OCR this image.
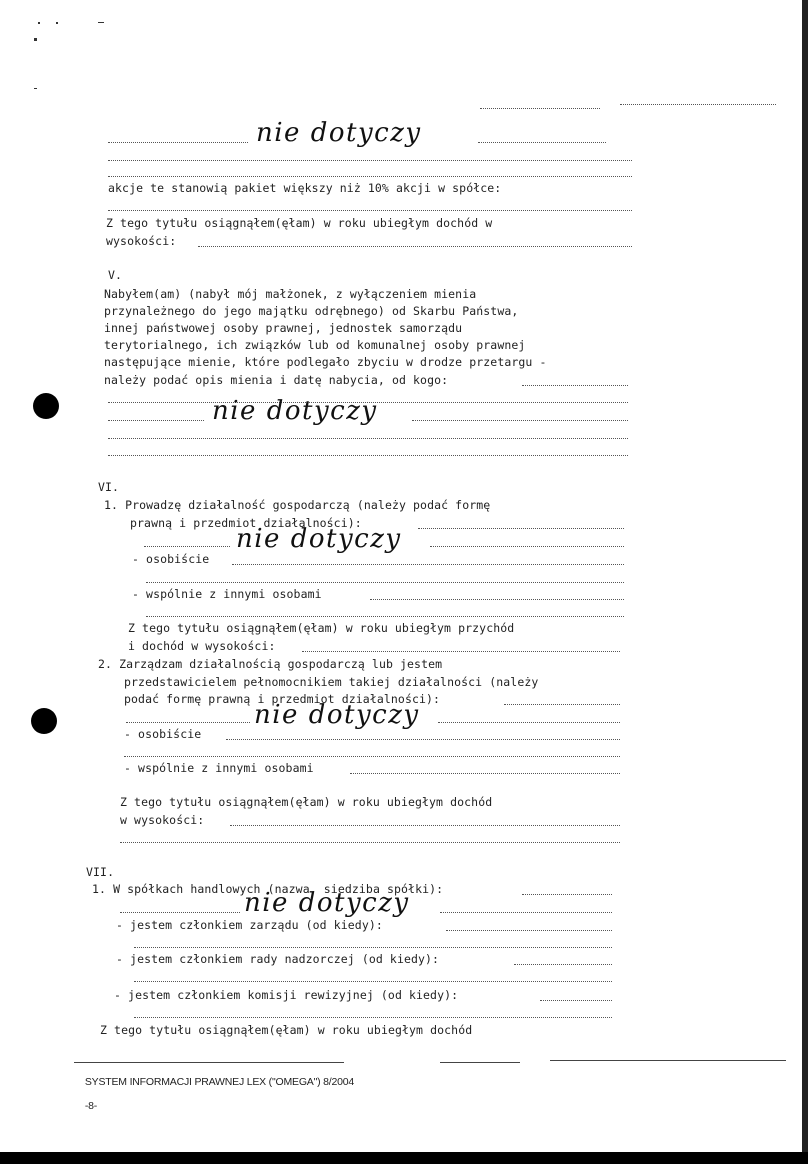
nie dotyczy
akcje te stanowią pakiet większy niż 10% akcji w spółce:
Z tego tytułu osiągnąłem(ęłam) w roku ubiegłym dochód w
wysokości:
V.
Nabyłem(am) (nabył mój małżonek, z wyłączeniem mienia
przynależnego do jego majątku odrębnego) od Skarbu Państwa,
innej państwowej osoby prawnej, jednostek samorządu
terytorialnego, ich związków lub od komunalnej osoby prawnej
następujące mienie, które podlegało zbyciu w drodze przetargu -
należy podać opis mienia i datę nabycia, od kogo:
nie dotyczy
VI.
1. Prowadzę działalność gospodarczą (należy podać formę
prawną i przedmiot działalności):
nie dotyczy
- osobiście
- wspólnie z innymi osobami
Z tego tytułu osiągnąłem(ęłam) w roku ubiegłym przychód
i dochód w wysokości:
2. Zarządzam działalnością gospodarczą lub jestem
przedstawicielem pełnomocnikiem takiej działalności (należy
podać formę prawną i przedmiot działalności):
nie dotyczy
- osobiście
- wspólnie z innymi osobami
Z tego tytułu osiągnąłem(ęłam) w roku ubiegłym dochód
w wysokości:
VII.
1. W spółkach handlowych (nazwa, siedziba spółki):
nie dotyczy
- jestem członkiem zarządu (od kiedy):
- jestem członkiem rady nadzorczej (od kiedy):
- jestem członkiem komisji rewizyjnej (od kiedy):
Z tego tytułu osiągnąłem(ęłam) w roku ubiegłym dochód

SYSTEM INFORMACJI PRAWNEJ LEX ("OMEGA") 8/2004

-8-
